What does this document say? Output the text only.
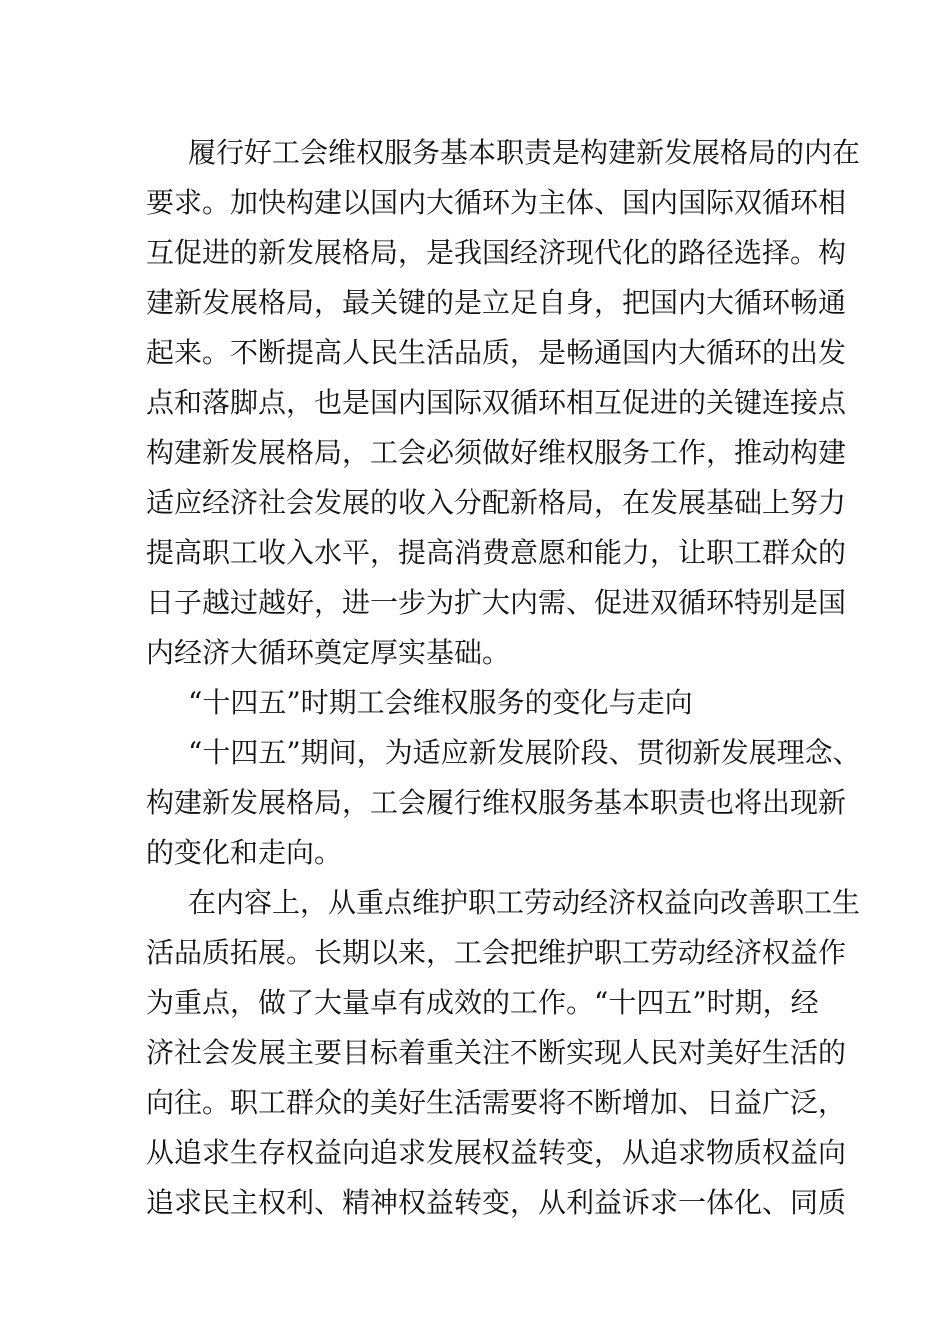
履行好工会维权服务基本职责是构建新发展格局的内在
要求。加快构建以国内大循环为主体、国内国际双循环相
互促进的新发展格局，是我国经济现代化的路径选择。构
建新发展格局，最关键的是立足自身，把国内大循环畅通
起来。不断提高人民生活品质，是畅通国内大循环的出发
点和落脚点，也是国内国际双循环相互促进的关键连接点
构建新发展格局，工会必须做好维权服务工作，推动构建
适应经济社会发展的收入分配新格局，在发展基础上努力
提高职工收入水平，提高消费意愿和能力，让职工群众的
日子越过越好，进一步为扩大内需、促进双循环特别是国
内经济大循环奠定厚实基础。
“十四五”时期工会维权服务的变化与走向
“十四五”期间，为适应新发展阶段、贯彻新发展理念、
构建新发展格局，工会履行维权服务基本职责也将出现新
的变化和走向。
在内容上，从重点维护职工劳动经济权益向改善职工生
活品质拓展。长期以来，工会把维护职工劳动经济权益作
为重点，做了大量卓有成效的工作。“十四五”时期，经
济社会发展主要目标着重关注不断实现人民对美好生活的
向往。职工群众的美好生活需要将不断增加、日益广泛，
从追求生存权益向追求发展权益转变，从追求物质权益向
追求民主权利、精神权益转变，从利益诉求一体化、同质
